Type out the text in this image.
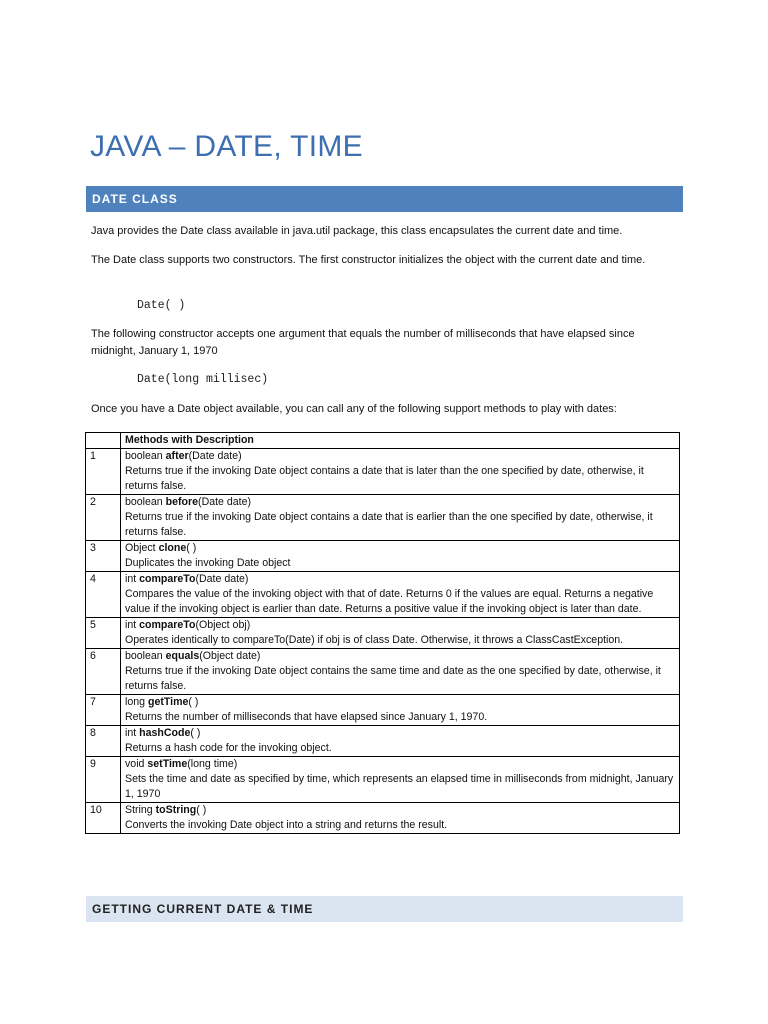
JAVA – DATE, TIME
DATE CLASS

Java provides the Date class available in java.util package, this class encapsulates the current date and time.

The Date class supports two constructors. The first constructor initializes the object with the current date and time.

Date( )

The following constructor accepts one argument that equals the number of milliseconds that have elapsed since midnight, January 1, 1970

Date(long millisec)

Once you have a Date object available, you can call any of the following support methods to play with dates:

	Methods with Description
1	boolean after(Date date)
Returns true if the invoking Date object contains a date that is later than the one specified by date, otherwise, it returns false.

2	boolean before(Date date)
Returns true if the invoking Date object contains a date that is earlier than the one specified by date, otherwise, it returns false.

3	Object clone( )
Duplicates the invoking Date object

4	int compareTo(Date date)
Compares the value of the invoking object with that of date. Returns 0 if the values are equal. Returns a negative value if the invoking object is earlier than date. Returns a positive value if the invoking object is later than date.

5	int compareTo(Object obj)
Operates identically to compareTo(Date) if obj is of class Date. Otherwise, it throws a ClassCastException.

6	boolean equals(Object date)
Returns true if the invoking Date object contains the same time and date as the one specified by date, otherwise, it returns false.

7	long getTime( )
Returns the number of milliseconds that have elapsed since January 1, 1970.

8	int hashCode( )
Returns a hash code for the invoking object.

9	void setTime(long time)
Sets the time and date as specified by time, which represents an elapsed time in milliseconds from midnight, January 1, 1970

10	String toString( )
Converts the invoking Date object into a string and returns the result.
GETTING CURRENT DATE & TIME
